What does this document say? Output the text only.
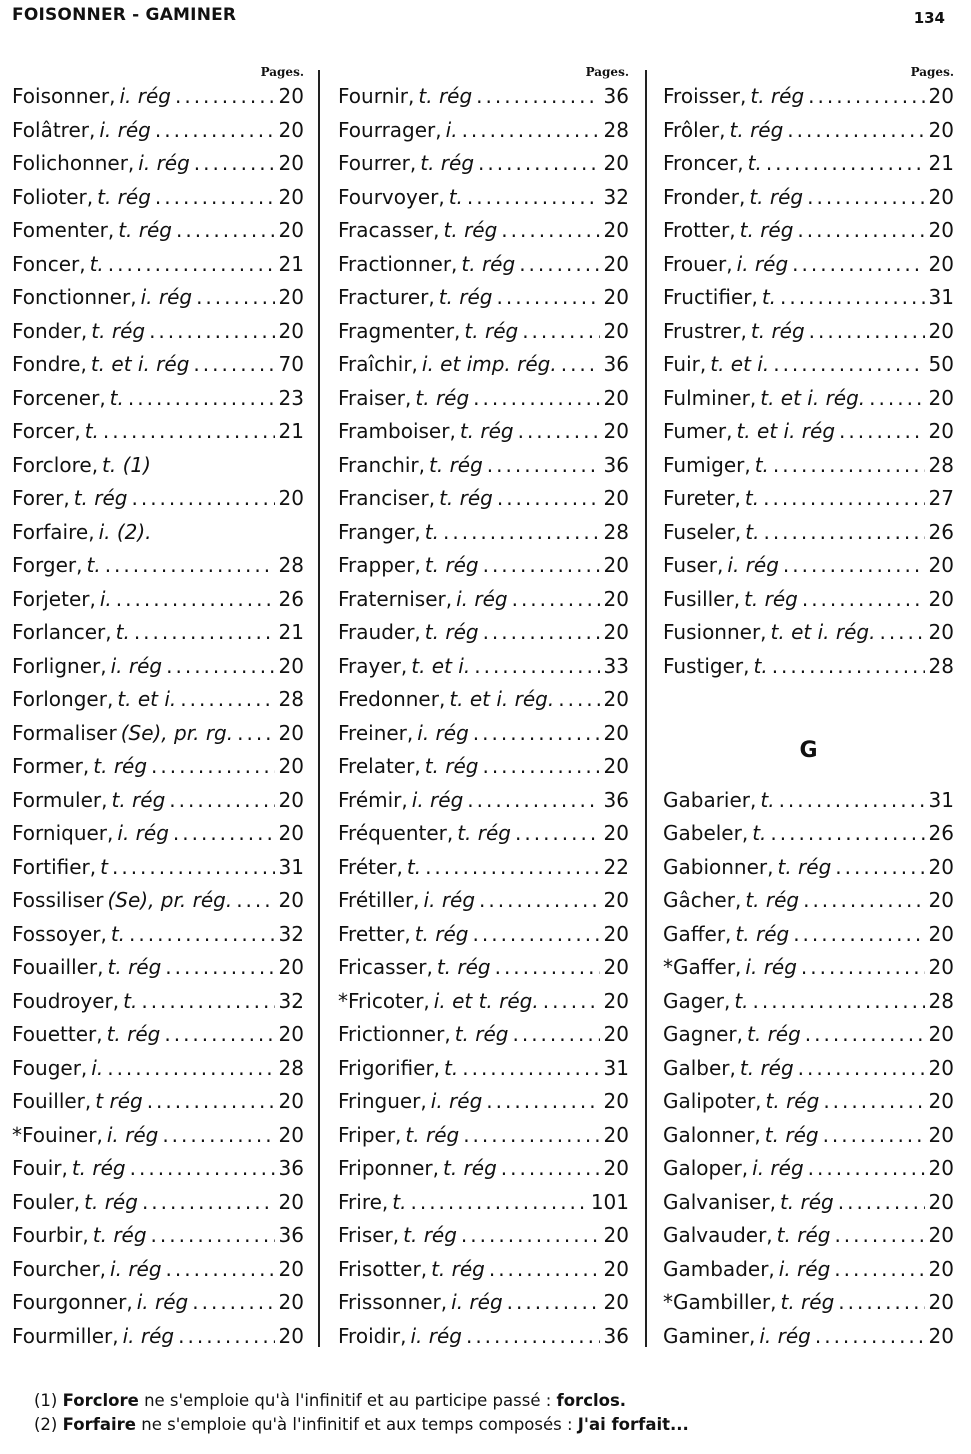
FOISONNER - GAMINER	134
Pages.
Foisonner, i. rég .....	20
Folâtrer, i. rég .....	20
Folichonner, i. rég .....	20
Folioter, t. rég .....	20
Fomenter, t. rég .....	20
Foncer, t. .....	21
Fonctionner, i. rég .....	20
Fonder, t. rég .....	20
Fondre, t. et i. rég .....	70
Forcener, t. .....	23
Forcer, t. .....	21
Forclore, t. (1)
Forer, t. rég .....	20
Forfaire, i. (2).
Forger, t. .....	28
Forjeter, i. .....	26
Forlancer, t. .....	21
Forligner, i. rég .....	20
Forlonger, t. et i. .....	28
Formaliser (Se), pr. rg. ..... 20
Former, t. rég .....	20
Formuler, t. rég .....	20
Forniquer, i. rég .....	20
Fortifier, t .....	31
Fossiliser (Se), pr. rég. ..... 20
Fossoyer, t. .....	32
Fouailler, t. rég .....	20
Foudroyer, t. .....	32
Fouetter, t. rég .....	20
Fouger, i. .....	28
Fouiller, t rég .....	20
*Fouiner, i. rég .....	20
Fouir, t. rég .....	36
Fouler, t. rég .....	20
Fourbir, t. rég .....	36
Fourcher, i. rég .....	20
Fourgonner, i. rég .....	20
Fourmiller, i. rég .....	20
Pages.
Fournir, t. rég .....	36
Fourrager, i. .....	28
Fourrer, t. rég .....	20
Fourvoyer, t. .....	32
Fracasser, t. rég .....	20
Fractionner, t. rég .....	20
Fracturer, t. rég .....	20
Fragmenter, t. rég .....	20
Fraîchir, i. et imp. rég. ..... 36
Fraiser, t. rég .....	20
Framboiser, t. rég .....	20
Franchir, t. rég .....	36
Franciser, t. rég .....	20
Franger, t. .....	28
Frapper, t. rég .....	20
Fraterniser, i. rég .....	20
Frauder, t. rég .....	20
Frayer, t. et i. .....	33
Fredonner, t. et i. rég. ..... 20
Freiner, i. rég .....	20
Frelater, t. rég .....	20
Frémir, i. rég .....	36
Fréquenter, t. rég .....	20
Fréter, t. .....	22
Frétiller, i. rég .....	20
Fretter, t. rég .....	20
Fricasser, t. rég .....	20
*Fricoter, i. et t. rég. .....	20
Frictionner, t. rég .....	20
Frigorifier, t. .....	31
Fringuer, i. rég .....	20
Friper, t. rég .....	20
Friponner, t. rég .....	20
Frire, t. .....	101
Friser, t. rég .....	20
Frisotter, t. rég .....	20
Frissonner, i. rég .....	20
Froidir, i. rég .....	36
Pages.
Froisser, t. rég .....	20
Frôler, t. rég .....	20
Froncer, t. .....	21
Fronder, t. rég .....	20
Frotter, t. rég .....	20
Frouer, i. rég .....	20
Fructifier, t. .....	31
Frustrer, t. rég .....	20
Fuir, t. et i. .....	50
Fulminer, t. et i. rég. .....	20
Fumer, t. et i. rég .....	20
Fumiger, t. .....	28
Fureter, t. .....	27
Fuseler, t. .....	26
Fuser, i. rég .....	20
Fusiller, t. rég .....	20
Fusionner, t. et i. rég. .....	20
Fustiger, t. .....	28
G
Gabarier, t. .....	31
Gabeler, t. .....	26
Gabionner, t. rég .....	20
Gâcher, t. rég .....	20
Gaffer, t. rég .....	20
*Gaffer, i. rég .....	20
Gager, t. .....	28
Gagner, t. rég .....	20
Galber, t. rég .....	20
Galipoter, t. rég .....	20
Galonner, t. rég .....	20
Galoper, i. rég .....	20
Galvaniser, t. rég .....	20
Galvauder, t. rég .....	20
Gambader, i. rég .....	20
*Gambiller, t. rég .....	20
Gaminer, i. rég .....	20
(1) Forclore ne s'emploie qu'à l'infinitif et au participe passé : forclos.
(2) Forfaire ne s'emploie qu'à l'infinitif et aux temps composés : J'ai forfait...
